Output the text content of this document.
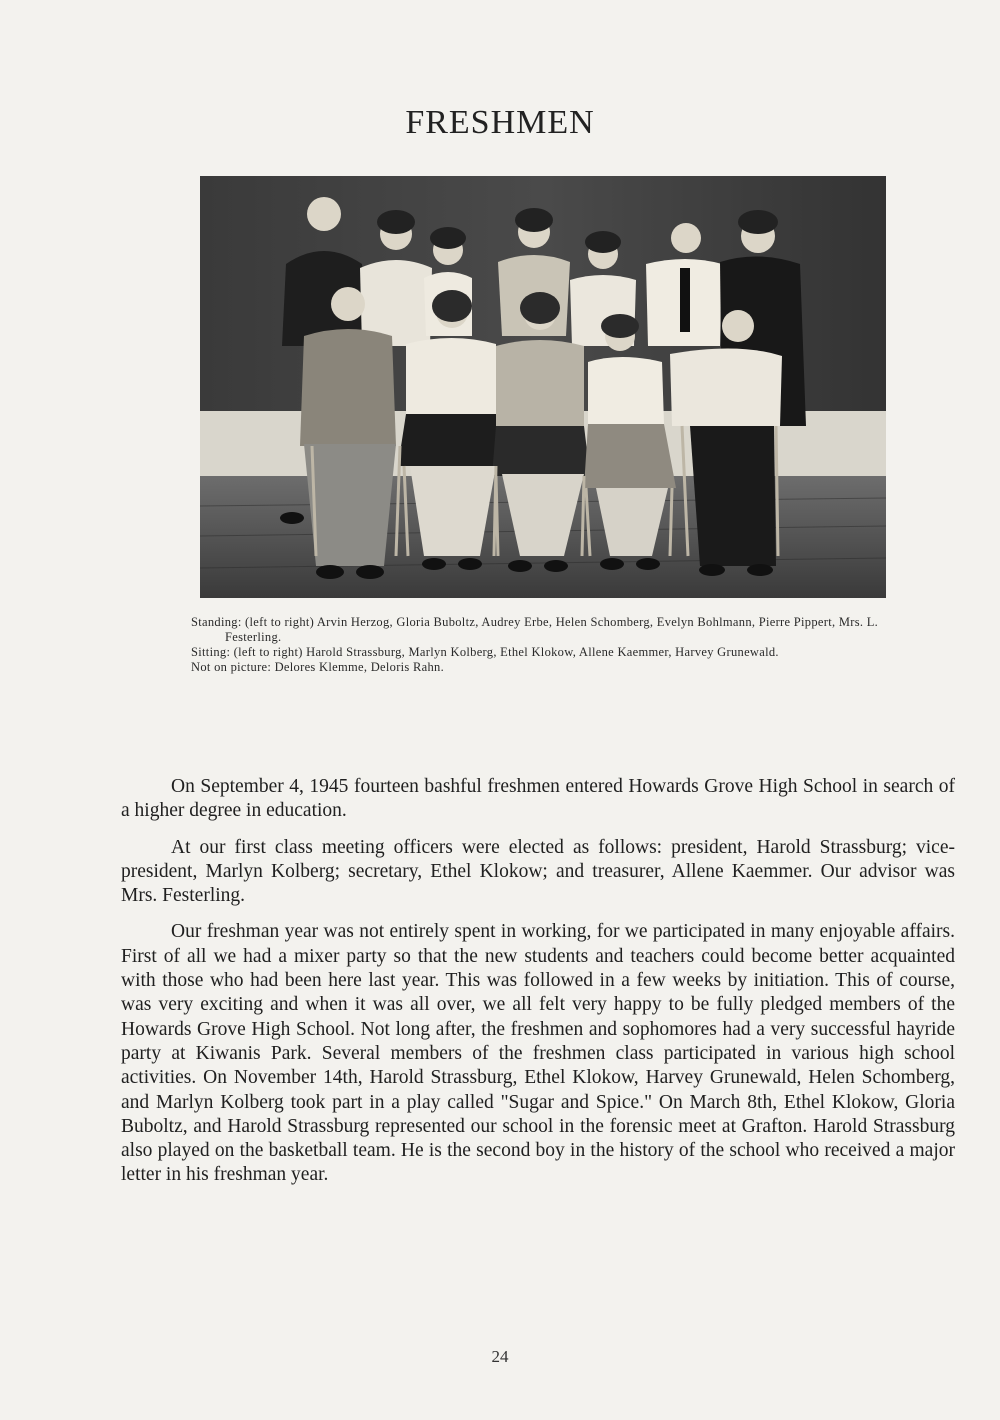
FRESHMEN

Standing: (left to right) Arvin Herzog, Gloria Buboltz, Audrey Erbe, Helen Schomberg, Evelyn Bohlmann, Pierre Pippert, Mrs. L. Festerling.

Sitting: (left to right) Harold Strassburg, Marlyn Kolberg, Ethel Klokow, Allene Kaemmer, Harvey Grunewald.

Not on picture: Delores Klemme, Deloris Rahn.

On September 4, 1945 fourteen bashful freshmen entered Howards Grove High School in search of a higher degree in education.

At our first class meeting officers were elected as follows: president, Harold Strassburg; vice-president, Marlyn Kolberg; secretary, Ethel Klokow; and treasurer, Allene Kaemmer. Our advisor was Mrs. Festerling.

Our freshman year was not entirely spent in working, for we participated in many enjoyable affairs. First of all we had a mixer party so that the new students and teachers could become better acquainted with those who had been here last year. This was followed in a few weeks by initiation. This of course, was very exciting and when it was all over, we all felt very happy to be fully pledged members of the Howards Grove High School. Not long after, the freshmen and sophomores had a very successful hayride party at Kiwanis Park. Several members of the freshmen class participated in various high school activities. On November 14th, Harold Strassburg, Ethel Klokow, Harvey Grunewald, Helen Schomberg, and Marlyn Kolberg took part in a play called "Sugar and Spice." On March 8th, Ethel Klokow, Gloria Buboltz, and Harold Strassburg represented our school in the forensic meet at Grafton. Harold Strassburg also played on the basketball team. He is the second boy in the history of the school who received a major letter in his freshman year.

24
